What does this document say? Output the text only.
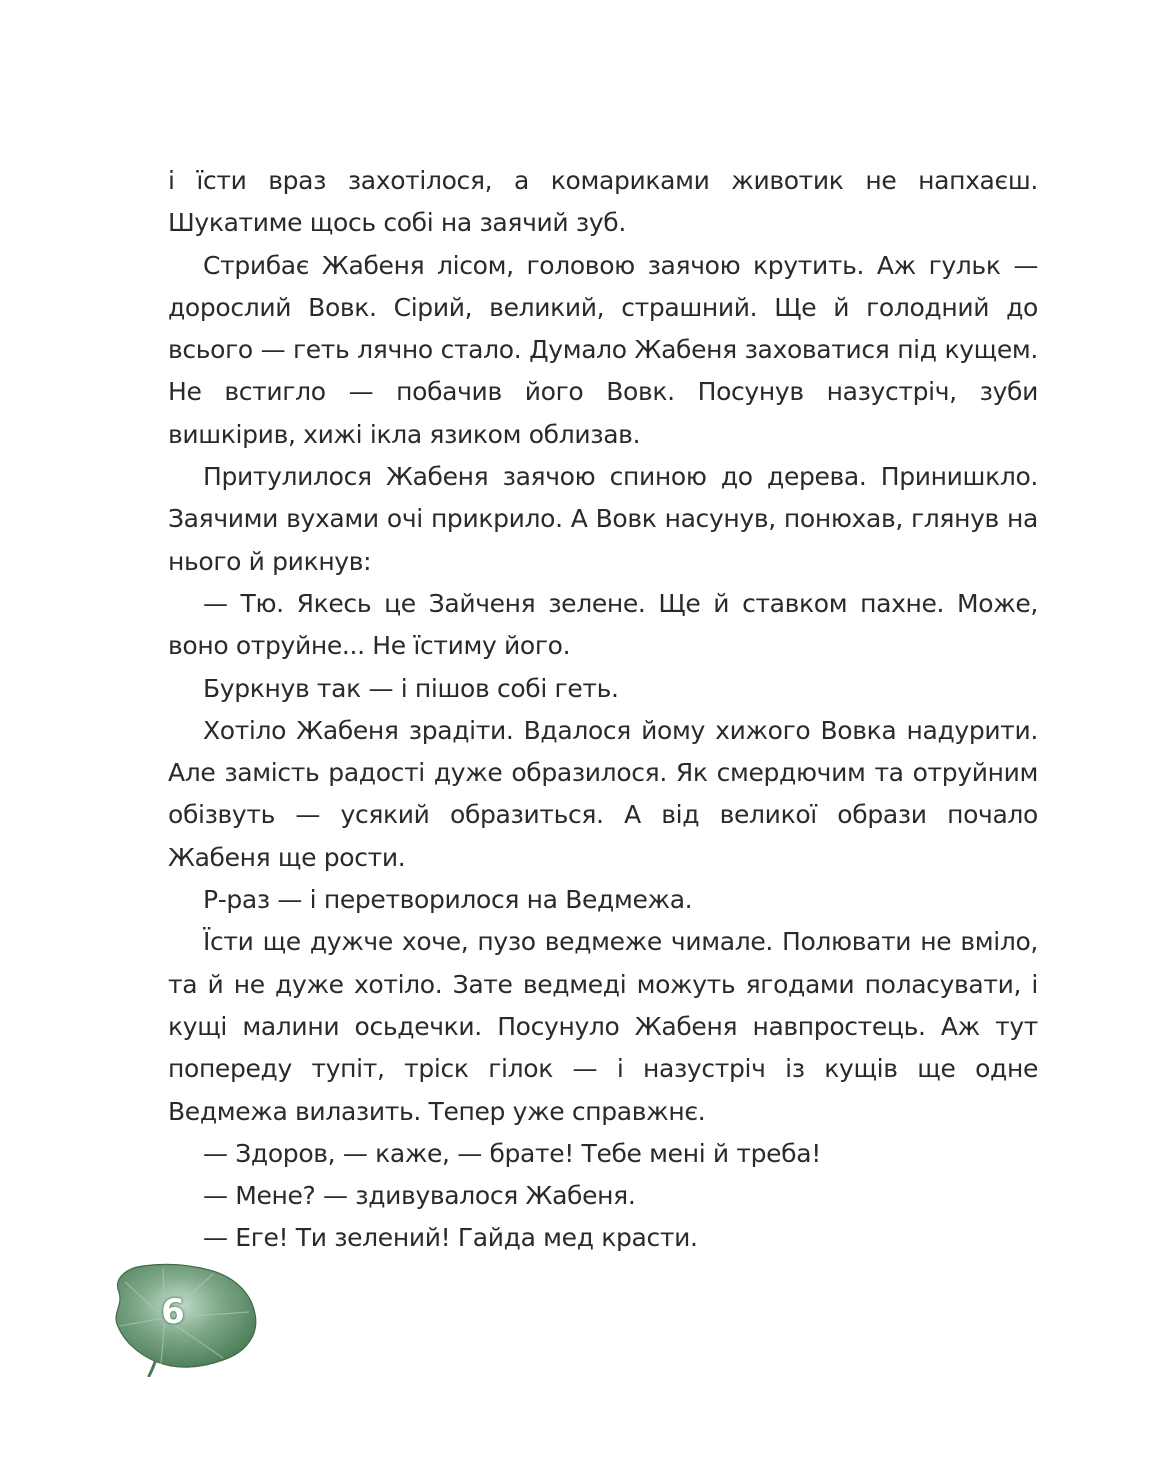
і їсти враз захотілося, а комариками животик не напхаєш. Шукатиме щось собі на заячий зуб.

Стрибає Жабеня лісом, головою заячою крутить. Аж гульк — дорослий Вовк. Сірий, великий, страшний. Ще й голодний до всього — геть лячно стало. Думало Жабеня заховатися під кущем. Не встигло — побачив його Вовк. Посунув назустріч, зуби вишкірив, хижі ікла язиком облизав.

Притулилося Жабеня заячою спиною до дерева. Принишкло. Заячими вухами очі прикрило. А Вовк насунув, понюхав, глянув на нього й рикнув:

— Тю. Якесь це Зайченя зелене. Ще й ставком пахне. Може, воно отруйне... Не їстиму його.

Буркнув так — і пішов собі геть.

Хотіло Жабеня зрадіти. Вдалося йому хижого Вовка надурити. Але замість радості дуже образилося. Як смердючим та отруйним обізвуть — усякий образиться. А від великої образи почало Жабеня ще рости.

Р-раз — і перетворилося на Ведмежа.

Їсти ще дужче хоче, пузо ведмеже чимале. Полювати не вміло, та й не дуже хотіло. Зате ведмеді можуть ягодами поласувати, і кущі малини осьдечки. Посунуло Жабеня навпростець. Аж тут попереду тупіт, тріск гілок — і назустріч із кущів ще одне Ведмежа вилазить. Тепер уже справжнє.

— Здоров, — каже, — брате! Тебе мені й треба!

— Мене? — здивувалося Жабеня.

— Еге! Ти зелений! Гайда мед красти.

6
